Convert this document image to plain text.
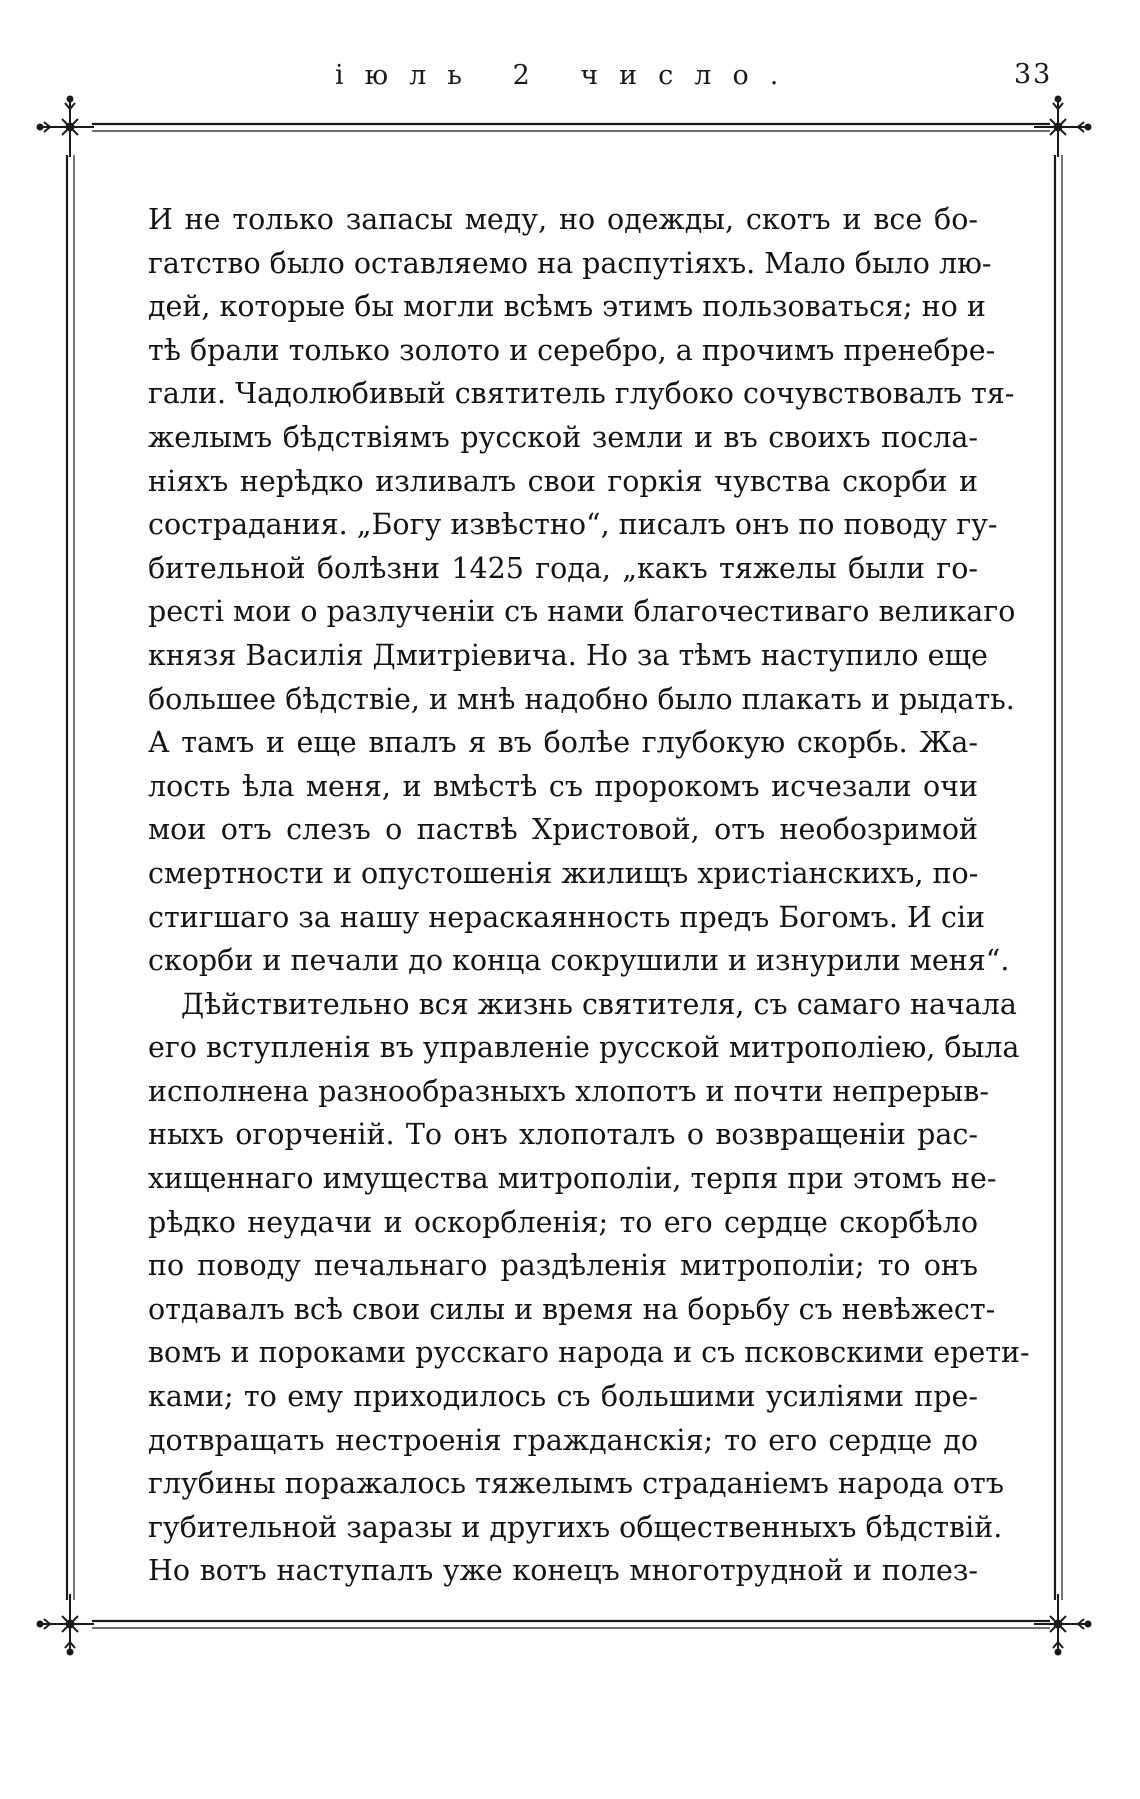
іюль 2 число.	33
И не только запасы меду, но одежды, скотъ и все бо-
гатство было оставляемо на распутіяхъ. Мало было лю-
дей, которые бы могли всѣмъ этимъ пользоваться; но и
тѣ брали только золото и серебро, а прочимъ пренебре-
гали. Чадолюбивый святитель глубоко сочувствовалъ тя-
желымъ бѣдствіямъ русской земли и въ своихъ посла-
ніяхъ нерѣдко изливалъ свои горкія чувства скорби и
сострадания. „Богу извѣстно“, писалъ онъ по поводу гу-
бительной болѣзни 1425 года, „какъ тяжелы были го-
ресті мои о разлученіи съ нами благочестиваго великаго
князя Василія Дмитріевича. Но за тѣмъ наступило еще
большее бѣдствіе, и мнѣ надобно было плакать и рыдать.
А тамъ и еще впалъ я въ болѣе глубокую скорбь. Жа-
лость ѣла меня, и вмѣстѣ съ пророкомъ исчезали очи
мои отъ слезъ о паствѣ Христовой, отъ необозримой
смертности и опустошенія жилищъ христіанскихъ, по-
стигшаго за нашу нераскаянность предъ Богомъ. И сіи
скорби и печали до конца сокрушили и изнурили меня“.
Дѣйствительно вся жизнь святителя, съ самаго начала
его вступленія въ управленіе русской митрополіею, была
исполнена разнообразныхъ хлопотъ и почти непрерыв-
ныхъ огорченій. То онъ хлопоталъ о возвращеніи рас-
хищеннаго имущества митрополіи, терпя при этомъ не-
рѣдко неудачи и оскорбленія; то его сердце скорбѣло
по поводу печальнаго раздѣленія митрополіи; то онъ
отдавалъ всѣ свои силы и время на борьбу съ невѣжест-
вомъ и пороками русскаго народа и съ псковскими ерети-
ками; то ему приходилось съ большими усиліями пре-
дотвращать нестроенія гражданскія; то его сердце до
глубины поражалось тяжелымъ страданіемъ народа отъ
губительной заразы и другихъ общественныхъ бѣдствій.
Но вотъ наступалъ уже конецъ многотрудной и полез-
